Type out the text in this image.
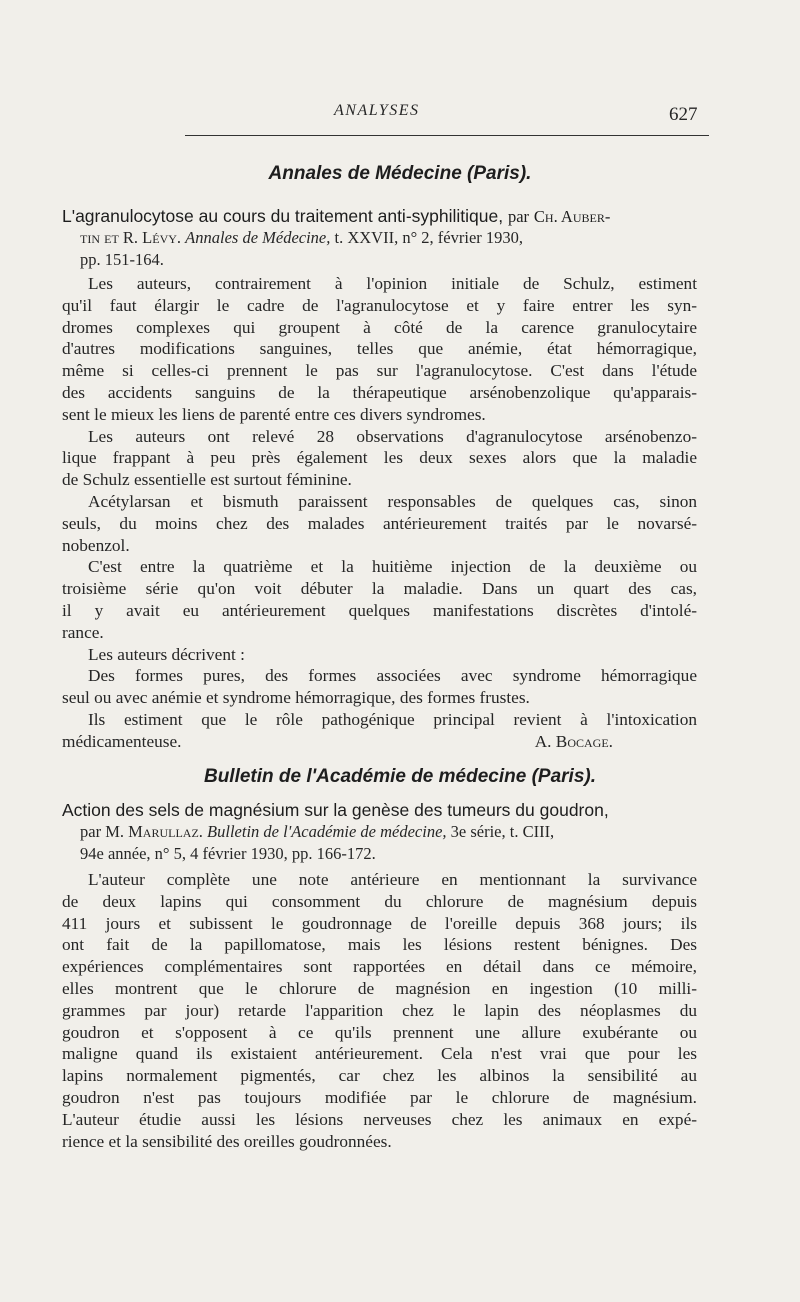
ANALYSES	627
Annales de Médecine (Paris).
L'agranulocytose au cours du traitement anti-syphilitique, par Ch. Auber-
tin et R. Lévy. Annales de Médecine, t. XXVII, n° 2, février 1930,
pp. 151-164.
Les auteurs, contrairement à l'opinion initiale de Schulz, estiment
qu'il faut élargir le cadre de l'agranulocytose et y faire entrer les syn-
dromes complexes qui groupent à côté de la carence granulocytaire
d'autres modifications sanguines, telles que anémie, état hémorragique,
même si celles-ci prennent le pas sur l'agranulocytose. C'est dans l'étude
des accidents sanguins de la thérapeutique arsénobenzolique qu'apparais-
sent le mieux les liens de parenté entre ces divers syndromes.
Les auteurs ont relevé 28 observations d'agranulocytose arsénobenzo-
lique frappant à peu près également les deux sexes alors que la maladie
de Schulz essentielle est surtout féminine.
Acétylarsan et bismuth paraissent responsables de quelques cas, sinon
seuls, du moins chez des malades antérieurement traités par le novarsé-
nobenzol.
C'est entre la quatrième et la huitième injection de la deuxième ou
troisième série qu'on voit débuter la maladie. Dans un quart des cas,
il y avait eu antérieurement quelques manifestations discrètes d'intolé-
rance.
Les auteurs décrivent :
Des formes pures, des formes associées avec syndrome hémorragique
seul ou avec anémie et syndrome hémorragique, des formes frustes.
Ils estiment que le rôle pathogénique principal revient à l'intoxication
médicamenteuse.	A. Bocage.
Bulletin de l'Académie de médecine (Paris).
Action des sels de magnésium sur la genèse des tumeurs du goudron,
par M. Marullaz. Bulletin de l'Académie de médecine, 3e série, t. CIII,
94e année, n° 5, 4 février 1930, pp. 166-172.
L'auteur complète une note antérieure en mentionnant la survivance
de deux lapins qui consomment du chlorure de magnésium depuis
411 jours et subissent le goudronnage de l'oreille depuis 368 jours; ils
ont fait de la papillomatose, mais les lésions restent bénignes. Des
expériences complémentaires sont rapportées en détail dans ce mémoire,
elles montrent que le chlorure de magnésion en ingestion (10 milli-
grammes par jour) retarde l'apparition chez le lapin des néoplasmes du
goudron et s'opposent à ce qu'ils prennent une allure exubérante ou
maligne quand ils existaient antérieurement. Cela n'est vrai que pour les
lapins normalement pigmentés, car chez les albinos la sensibilité au
goudron n'est pas toujours modifiée par le chlorure de magnésium.
L'auteur étudie aussi les lésions nerveuses chez les animaux en expé-
rience et la sensibilité des oreilles goudronnées.
